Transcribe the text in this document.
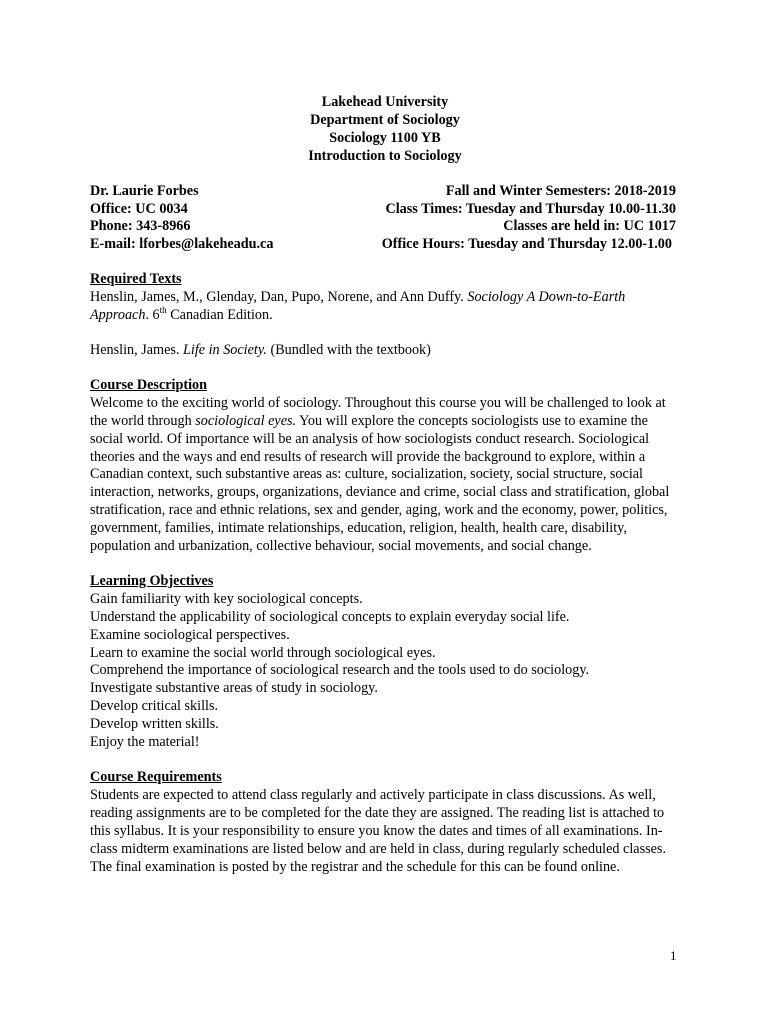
Lakehead University
Department of Sociology
Sociology 1100 YB
Introduction to Sociology
Dr. Laurie Forbes	Fall and Winter Semesters: 2018-2019
Office: UC 0034	Class Times: Tuesday and Thursday 10.00-11.30
Phone: 343-8966	Classes are held in: UC 1017
E-mail: lforbes@lakeheadu.ca	Office Hours: Tuesday and Thursday 12.00-1.00
Required Texts

Henslin, James, M., Glenday, Dan, Pupo, Norene, and Ann Duffy. Sociology A Down-to-Earth Approach. 6th Canadian Edition.

Henslin, James. Life in Society. (Bundled with the textbook)

Course Description

Welcome to the exciting world of sociology. Throughout this course you will be challenged to look at the world through sociological eyes. You will explore the concepts sociologists use to examine the social world. Of importance will be an analysis of how sociologists conduct research. Sociological theories and the ways and end results of research will provide the background to explore, within a Canadian context, such substantive areas as: culture, socialization, society, social structure, social interaction, networks, groups, organizations, deviance and crime, social class and stratification, global stratification, race and ethnic relations, sex and gender, aging, work and the economy, power, politics, government, families, intimate relationships, education, religion, health, health care, disability, population and urbanization, collective behaviour, social movements, and social change.

Learning Objectives
Gain familiarity with key sociological concepts.
Understand the applicability of sociological concepts to explain everyday social life.
Examine sociological perspectives.
Learn to examine the social world through sociological eyes.
Comprehend the importance of sociological research and the tools used to do sociology.
Investigate substantive areas of study in sociology.
Develop critical skills.
Develop written skills.
Enjoy the material!
Course Requirements

Students are expected to attend class regularly and actively participate in class discussions. As well, reading assignments are to be completed for the date they are assigned. The reading list is attached to this syllabus. It is your responsibility to ensure you know the dates and times of all examinations. In-class midterm examinations are listed below and are held in class, during regularly scheduled classes. The final examination is posted by the registrar and the schedule for this can be found online.

1
